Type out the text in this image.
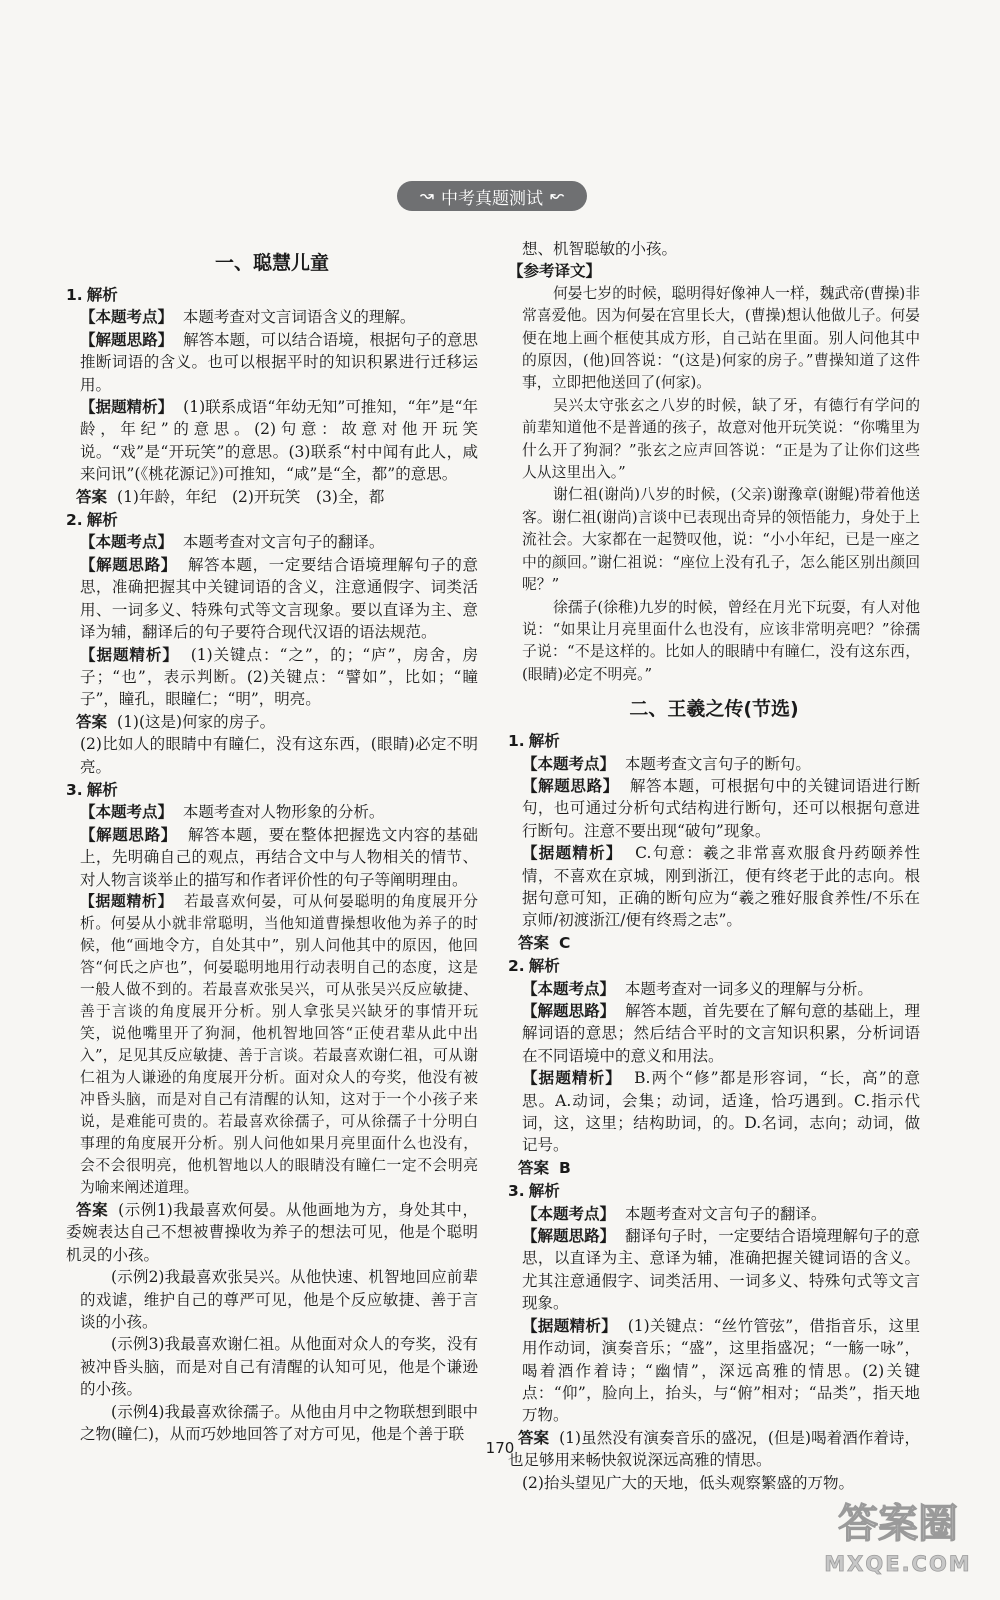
↝ 中考真题测试 ↜
一、聪慧儿童
1. 解析

【本题考点】 本题考查对文言词语含义的理解。

【解题思路】 解答本题，可以结合语境，根据句子的意思推断词语的含义。也可以根据平时的知识积累进行迁移运用。

【据题精析】 (1)联系成语“年幼无知”可推知，“年”是“年龄，年纪”的意思。(2)句意：故意对他开玩笑说。“戏”是“开玩笑”的意思。(3)联系“村中闻有此人，咸来问讯”(《桃花源记》)可推知，“咸”是“全，都”的意思。

答案 (1)年龄，年纪　(2)开玩笑　(3)全，都

2. 解析

【本题考点】 本题考查对文言句子的翻译。

【解题思路】 解答本题，一定要结合语境理解句子的意思，准确把握其中关键词语的含义，注意通假字、词类活用、一词多义、特殊句式等文言现象。要以直译为主、意译为辅，翻译后的句子要符合现代汉语的语法规范。

【据题精析】 (1)关键点：“之”，的；“庐”，房舍，房子；“也”，表示判断。(2)关键点：“譬如”，比如；“瞳子”，瞳孔，眼瞳仁；“明”，明亮。

答案 (1)(这是)何家的房子。

(2)比如人的眼睛中有瞳仁，没有这东西，(眼睛)必定不明亮。

3. 解析

【本题考点】 本题考查对人物形象的分析。

【解题思路】 解答本题，要在整体把握选文内容的基础上，先明确自己的观点，再结合文中与人物相关的情节、对人物言谈举止的描写和作者评价性的句子等阐明理由。

【据题精析】 若最喜欢何晏，可从何晏聪明的角度展开分析。何晏从小就非常聪明，当他知道曹操想收他为养子的时候，他“画地令方，自处其中”，别人问他其中的原因，他回答“何氏之庐也”，何晏聪明地用行动表明自己的态度，这是一般人做不到的。若最喜欢张吴兴，可从张吴兴反应敏捷、善于言谈的角度展开分析。别人拿张吴兴缺牙的事情开玩笑，说他嘴里开了狗洞，他机智地回答“正使君辈从此中出入”，足见其反应敏捷、善于言谈。若最喜欢谢仁祖，可从谢仁祖为人谦逊的角度展开分析。面对众人的夸奖，他没有被冲昏头脑，而是对自己有清醒的认知，这对于一个小孩子来说，是难能可贵的。若最喜欢徐孺子，可从徐孺子十分明白事理的角度展开分析。别人问他如果月亮里面什么也没有，会不会很明亮，他机智地以人的眼睛没有瞳仁一定不会明亮为喻来阐述道理。

答案 (示例1)我最喜欢何晏。从他画地为方，身处其中，委婉表达自己不想被曹操收为养子的想法可见，他是个聪明机灵的小孩。

(示例2)我最喜欢张吴兴。从他快速、机智地回应前辈的戏谑，维护自己的尊严可见，他是个反应敏捷、善于言谈的小孩。

(示例3)我最喜欢谢仁祖。从他面对众人的夸奖，没有被冲昏头脑，而是对自己有清醒的认知可见，他是个谦逊的小孩。

(示例4)我最喜欢徐孺子。从他由月中之物联想到眼中之物(瞳仁)，从而巧妙地回答了对方可见，他是个善于联

想、机智聪敏的小孩。

【参考译文】

何晏七岁的时候，聪明得好像神人一样，魏武帝(曹操)非常喜爱他。因为何晏在宫里长大，(曹操)想认他做儿子。何晏便在地上画个框使其成方形，自己站在里面。别人问他其中的原因，(他)回答说：“(这是)何家的房子。”曹操知道了这件事，立即把他送回了(何家)。

吴兴太守张玄之八岁的时候，缺了牙，有德行有学问的前辈知道他不是普通的孩子，故意对他开玩笑说：“你嘴里为什么开了狗洞？”张玄之应声回答说：“正是为了让你们这些人从这里出入。”

谢仁祖(谢尚)八岁的时候，(父亲)谢豫章(谢鲲)带着他送客。谢仁祖(谢尚)言谈中已表现出奇异的领悟能力，身处于上流社会。大家都在一起赞叹他，说：“小小年纪，已是一座之中的颜回。”谢仁祖说：“座位上没有孔子，怎么能区别出颜回呢？”

徐孺子(徐稚)九岁的时候，曾经在月光下玩耍，有人对他说：“如果让月亮里面什么也没有，应该非常明亮吧？”徐孺子说：“不是这样的。比如人的眼睛中有瞳仁，没有这东西，(眼睛)必定不明亮。”

二、王羲之传(节选)
1. 解析

【本题考点】 本题考查文言句子的断句。

【解题思路】 解答本题，可根据句中的关键词语进行断句，也可通过分析句式结构进行断句，还可以根据句意进行断句。注意不要出现“破句”现象。

【据题精析】 C.句意：羲之非常喜欢服食丹药颐养性情，不喜欢在京城，刚到浙江，便有终老于此的志向。根据句意可知，正确的断句应为“羲之雅好服食养性/不乐在京师/初渡浙江/便有终焉之志”。

答案 C

2. 解析

【本题考点】 本题考查对一词多义的理解与分析。

【解题思路】 解答本题，首先要在了解句意的基础上，理解词语的意思；然后结合平时的文言知识积累，分析词语在不同语境中的意义和用法。

【据题精析】 B.两个“修”都是形容词，“长，高”的意思。A.动词，会集；动词，适逢，恰巧遇到。C.指示代词，这，这里；结构助词，的。D.名词，志向；动词，做记号。

答案 B

3. 解析

【本题考点】 本题考查对文言句子的翻译。

【解题思路】 翻译句子时，一定要结合语境理解句子的意思，以直译为主、意译为辅，准确把握关键词语的含义。尤其注意通假字、词类活用、一词多义、特殊句式等文言现象。

【据题精析】 (1)关键点：“丝竹管弦”，借指音乐，这里用作动词，演奏音乐；“盛”，这里指盛况；“一觞一咏”，喝着酒作着诗；“幽情”，深远高雅的情思。(2)关键点：“仰”，脸向上，抬头，与“俯”相对；“品类”，指天地万物。

答案 (1)虽然没有演奏音乐的盛况，(但是)喝着酒作着诗，也足够用来畅快叙说深远高雅的情思。

(2)抬头望见广大的天地，低头观察繁盛的万物。

170
答案圈
MXQE.COM
